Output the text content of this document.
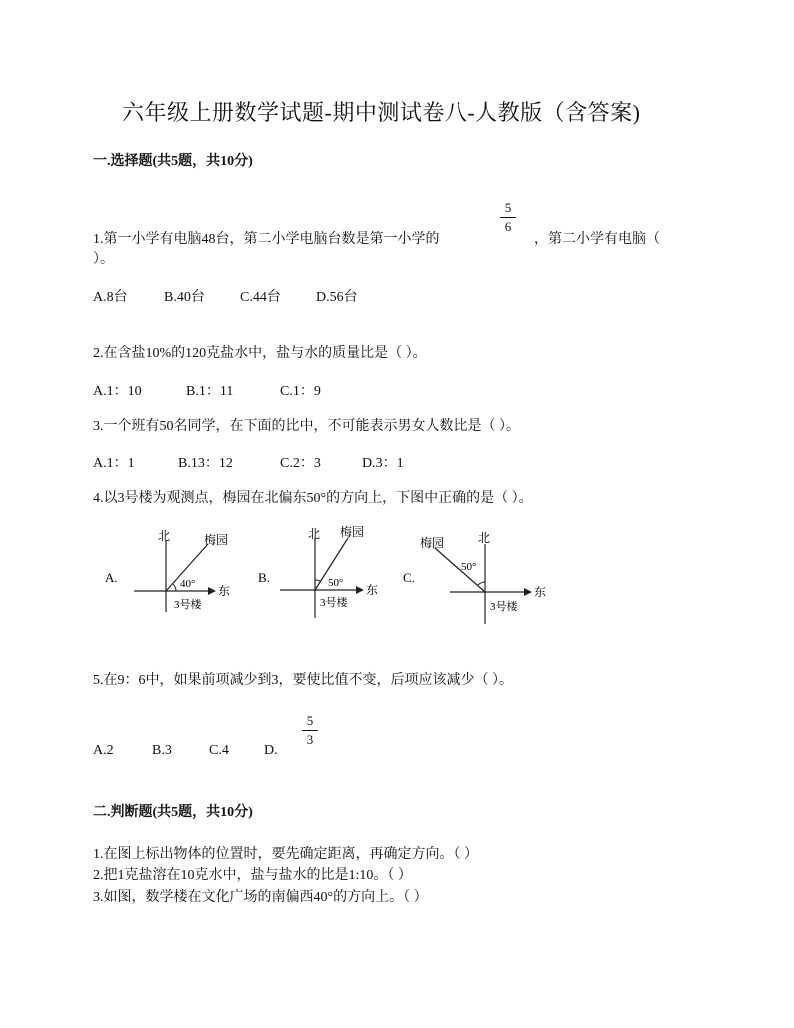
六年级上册数学试题-期中测试卷八-人教版（含答案)
一.选择题(共5题，共10分)
1.第一小学有电脑48台，第二小学电脑台数是第一小学的
5
6
，第二小学有电脑（
）。
A.8台	B.40台	C.44台	D.56台
2.在含盐10%的120克盐水中，盐与水的质量比是（ ）。
A.1：10	B.1：11	C.1：9
3.一个班有50名同学，在下面的比中，不可能表示男女人数比是（ ）。
A.1：1	B.13：12	C.2：3	D.3：1
4.以3号楼为观测点，梅园在北偏东50°的方向上，下图中正确的是（ ）。
A.
北
东
梅园
40°
3号楼
B.
北
东
梅园
50°
3号楼
C.
北
东
梅园
50°
3号楼
5.在9：6中，如果前项减少到3，要使比值不变，后项应该减少（ ）。
A.2	B.3	C.4	D.
5
3
二.判断题(共5题，共10分)
1.在图上标出物体的位置时，要先确定距离，再确定方向。（ ）
2.把1克盐溶在10克水中，盐与盐水的比是1:10。（ ）
3.如图，数学楼在文化广场的南偏西40°的方向上。（ ）
